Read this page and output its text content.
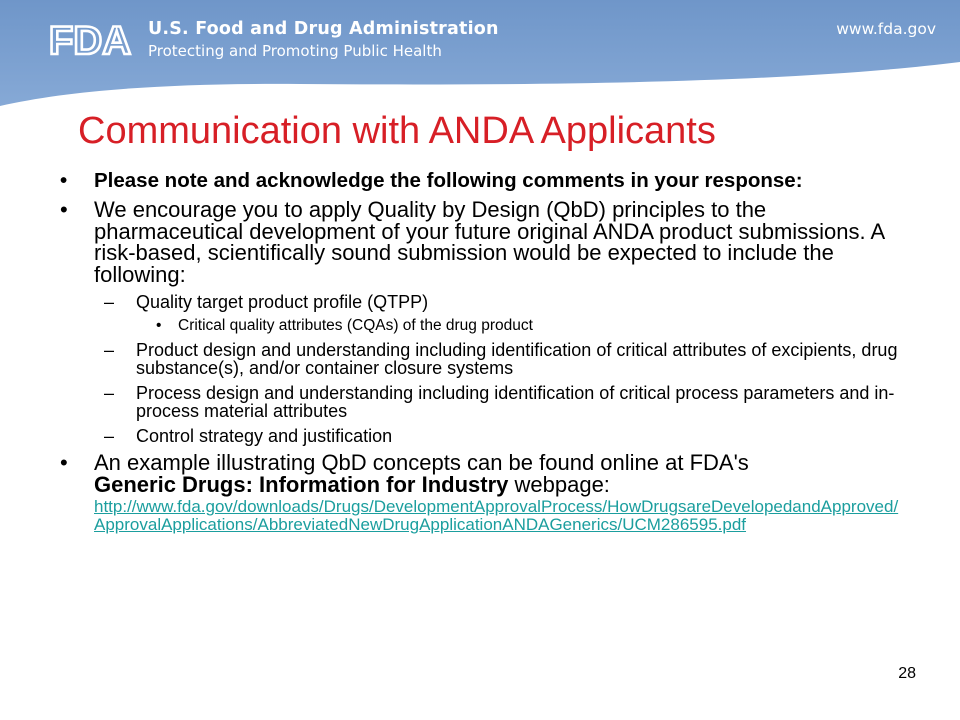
FDA U.S. Food and Drug Administration
Protecting and Promoting Public Health
www.fda.gov
Communication with ANDA Applicants
• Please note and acknowledge the following comments in your response:
• We encourage you to apply Quality by Design (QbD) principles to the pharmaceutical development of your future original ANDA product submissions. A risk-based, scientifically sound submission would be expected to include the following:
– Quality target product profile (QTPP)
• Critical quality attributes (CQAs) of the drug product
– Product design and understanding including identification of critical attributes of excipients, drug substance(s), and/or container closure systems
– Process design and understanding including identification of critical process parameters and in-process material attributes
– Control strategy and justification
• An example illustrating QbD concepts can be found online at FDA's
Generic Drugs: Information for Industry webpage:
http://www.fda.gov/downloads/Drugs/DevelopmentApprovalProcess/HowDrugsareDevelopedandApproved/ApprovalApplications/AbbreviatedNewDrugApplicationANDAGenerics/UCM286595.pdf
28
